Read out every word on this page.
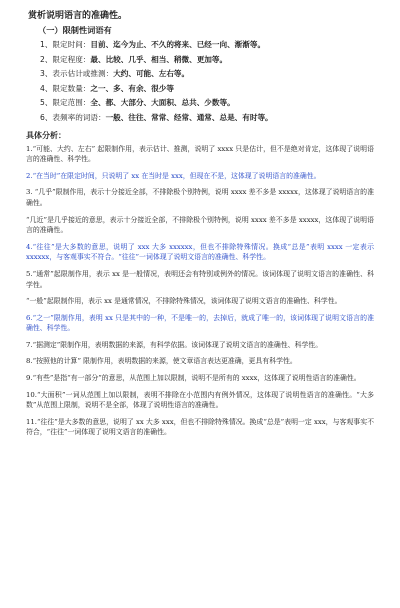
赏析说明语言的准确性。
（一）限制性词语有
1、限定时间：目前、迄今为止、不久的将来、已经一向、渐渐等。
2、限定程度：最、比较、几乎、相当、稍微、更加等。
3、表示估计或推测：大约、可能、左右等。
4、限定数量：之一、多、有余、很少等
5、限定范围：全、都、大部分、大面积、总共、少数等。
6、表频率的词语：一般、往往、常常、经常、通常、总是、有时等。
具体分析：
1.“可能、大约、左右” 起限制作用，表示估计、推测，说明了 xxxx 只是估计，但不是绝对肯定，这体现了说明语言的准确性、科学性。
2.“在当时”在限定时间，只说明了 xx 在当时是 xxx，但现在不是，这体现了说明语言的准确性。
3. “几乎”限制作用，表示十分接近全部，不排除极个别特例，说明 xxxx 差不多是 xxxxx，这体现了说明语言的准确性。
“几近”是几乎接近的意思，表示十分接近全部，不排除极个别特例，说明 xxxx 差不多是 xxxxx，这体现了说明语言的准确性。
4.“往往”是大多数的意思，说明了 xxx 大多 xxxxxx，但也不排除特殊情况。换成“总是”表明 xxxx 一定表示 xxxxxx，与客观事实不符合。“往往”一词体现了说明文语言的准确性、科学性。
5.“通常”起限制作用，表示 xx 是一般情况，表明还会有特别或例外的情况。该词体现了说明文语言的准确性、科学性。
“一般”起限制作用，表示 xx 是通常情况，不排除特殊情况，该词体现了说明文语言的准确性、科学性。
6.“之一”限制作用，表明 xx 只是其中的一种，不是唯一的，去掉后，就成了唯一的，该词体现了说明文语言的准确性、科学性。
7.“据测定”限制作用，表明数据的来源，有科学依据。该词体现了说明文语言的准确性、科学性。
8.“按照他的计算” 限制作用，表明数据的来源，使文章语言表达更准确，更具有科学性。
9.“有些”是指“有一部分”的意思，从范围上加以限制，说明不是所有的 xxxx，这体现了说明性语言的准确性。
10.“大面积”一词从范围上加以限制，表明不排除在小范围内有例外情况，这体现了说明性语言的准确性。“大多数”从范围上限制，说明不是全部，体现了说明性语言的准确性。
11.“往往”是大多数的意思，说明了 xx 大多 xxx，但也不排除特殊情况。换成“总是”表明一定 xxx，与客观事实不符合，“往往”一词体现了说明文语言的准确性。
